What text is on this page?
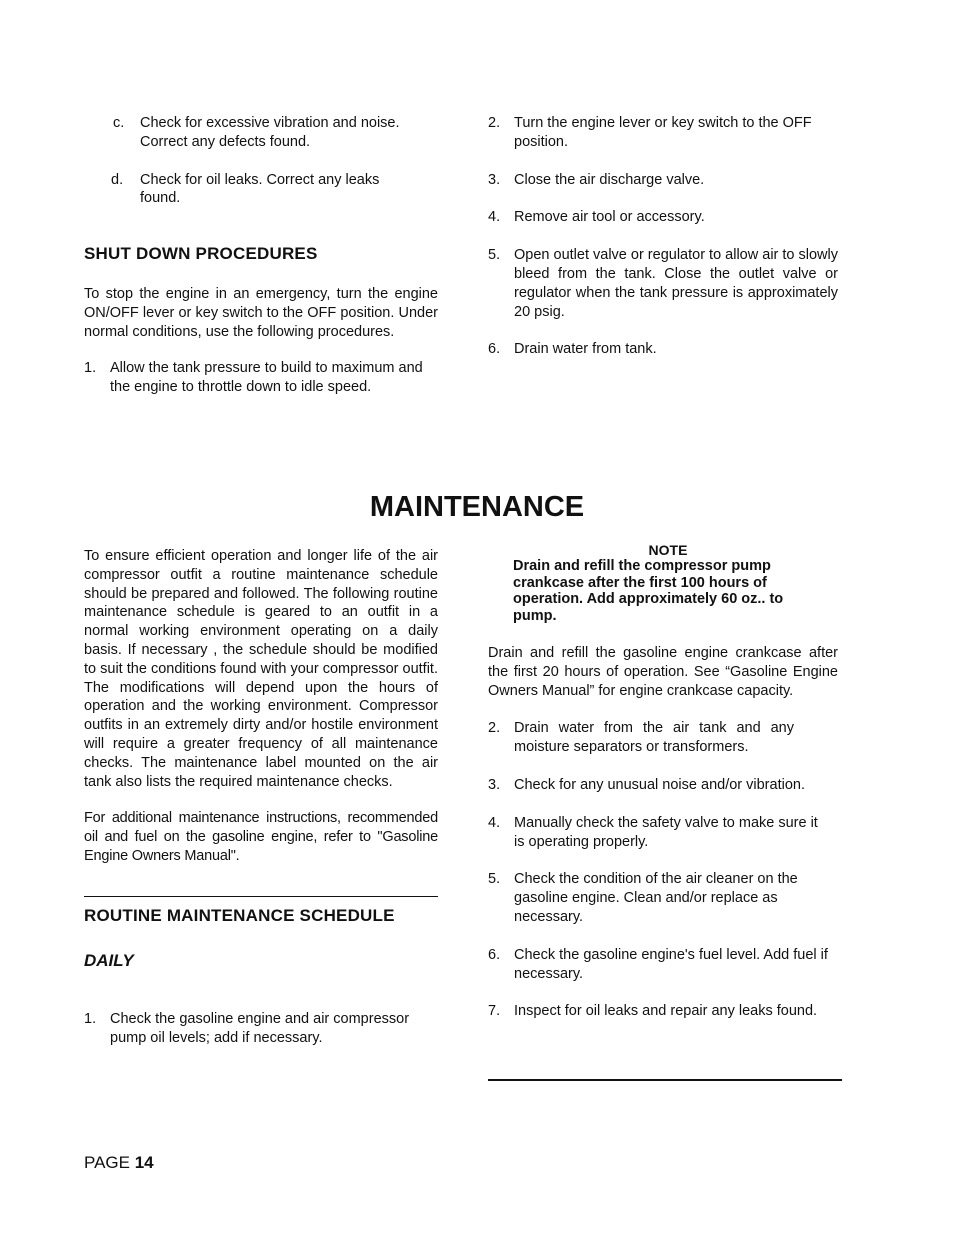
c. Check for excessive vibration and noise. Correct any defects found.

d. Check for oil leaks. Correct any leaks found.

SHUT DOWN PROCEDURES

To stop the engine in an emergency, turn the engine ON/OFF lever or key switch to the OFF position. Under normal conditions, use the following procedures.

1. Allow the tank pressure to build to maximum and the engine to throttle down to idle speed.

2. Turn the engine lever or key switch to the OFF position.

3. Close the air discharge valve.

4. Remove air tool or accessory.

5. Open outlet valve or regulator to allow air to slowly bleed from the tank. Close the outlet valve or regulator when the tank pressure is approximately 20 psig.

6. Drain water from tank.

MAINTENANCE

To ensure efficient operation and longer life of the air compressor outfit a routine maintenance schedule should be prepared and followed. The following routine maintenance schedule is geared to an outfit in a normal working environment operating on a daily basis. If necessary , the schedule should be modified to suit the conditions found with your compressor outfit. The modifications will depend upon the hours of operation and the working environment. Compressor outfits in an extremely dirty and/or hostile environment will require a greater frequency of all maintenance checks. The maintenance label mounted on the air tank also lists the required maintenance checks.

For additional maintenance instructions, recommended oil and fuel on the gasoline engine, refer to "Gasoline Engine Owners Manual".

ROUTINE MAINTENANCE SCHEDULE

DAILY

1. Check the gasoline engine and air compressor pump oil levels; add if necessary.

NOTE

Drain and refill the compressor pump crankcase after the first 100 hours of operation. Add approximately 60 oz.. to pump.

Drain and refill the gasoline engine crankcase after the first 20 hours of operation. See “Gasoline Engine Owners Manual” for engine crankcase capacity.

2. Drain water from the air tank and any moisture separators or transformers.

3. Check for any unusual noise and/or vibration.

4. Manually check the safety valve to make sure it is operating properly.

5. Check the condition of the air cleaner on the gasoline engine. Clean and/or replace as necessary.

6. Check the gasoline engine's fuel level. Add fuel if necessary.

7. Inspect for oil leaks and repair any leaks found.

PAGE 14
